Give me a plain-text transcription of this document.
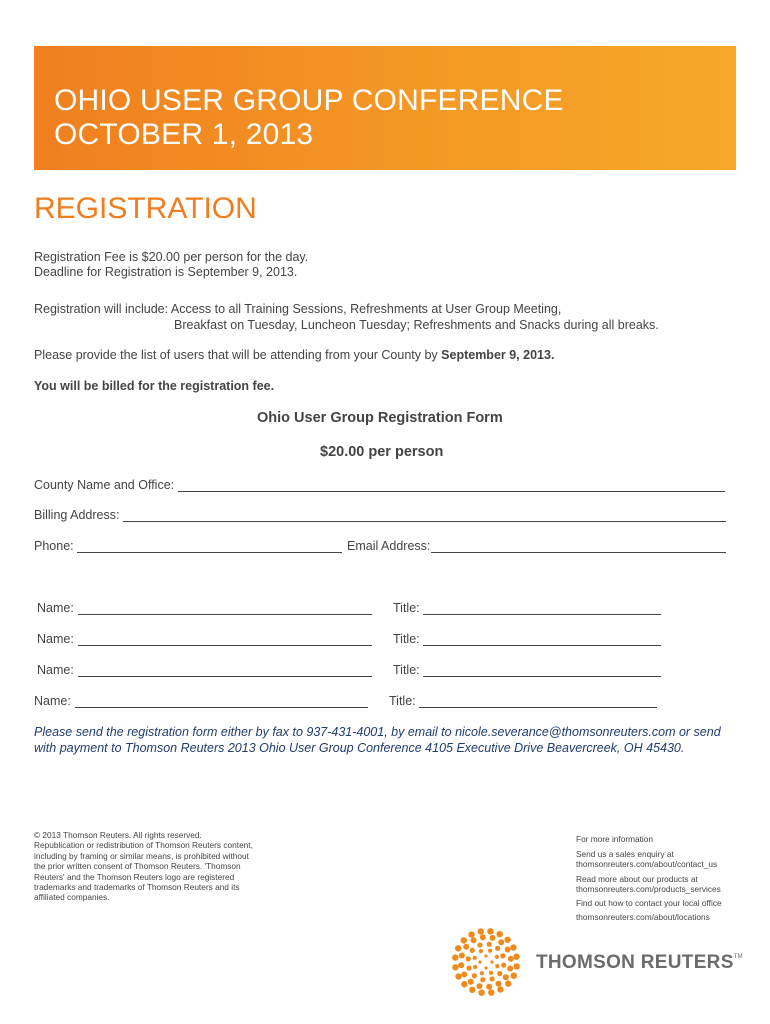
OHIO USER GROUP CONFERENCE
OCTOBER 1, 2013
REGISTRATION
Registration Fee is $20.00 per person for the day.
Deadline for Registration is September 9, 2013.
Registration will include: Access to all Training Sessions, Refreshments at User Group Meeting,
Breakfast on Tuesday, Luncheon Tuesday; Refreshments and Snacks during all breaks.
Please provide the list of users that will be attending from your County by September 9, 2013.
You will be billed for the registration fee.
Ohio User Group Registration Form
$20.00 per person
County Name and Office:
Billing Address:
Phone:	Email Address:
Name:	Title:
Name:	Title:
Name:	Title:
Name:	Title:
Please send the registration form either by fax to 937-431-4001, by email to nicole.severance@thomsonreuters.com or send
with payment to Thomson Reuters 2013 Ohio User Group Conference 4105 Executive Drive Beavercreek, OH 45430.
© 2013 Thomson Reuters. All rights reserved.
Republication or redistribution of Thomson Reuters content,
including by framing or similar means, is prohibited without
the prior written consent of Thomson Reuters. 'Thomson
Reuters' and the Thomson Reuters logo are registered
trademarks and trademarks of Thomson Reuters and its
affiliated companies.
For more information
Send us a sales enquiry at
thomsonreuters.com/about/contact_us
Read more about our products at
thomsonreuters.com/products_services
Find out how to contact your local office
thomsonreuters.com/about/locations
THOMSON REUTERS™
